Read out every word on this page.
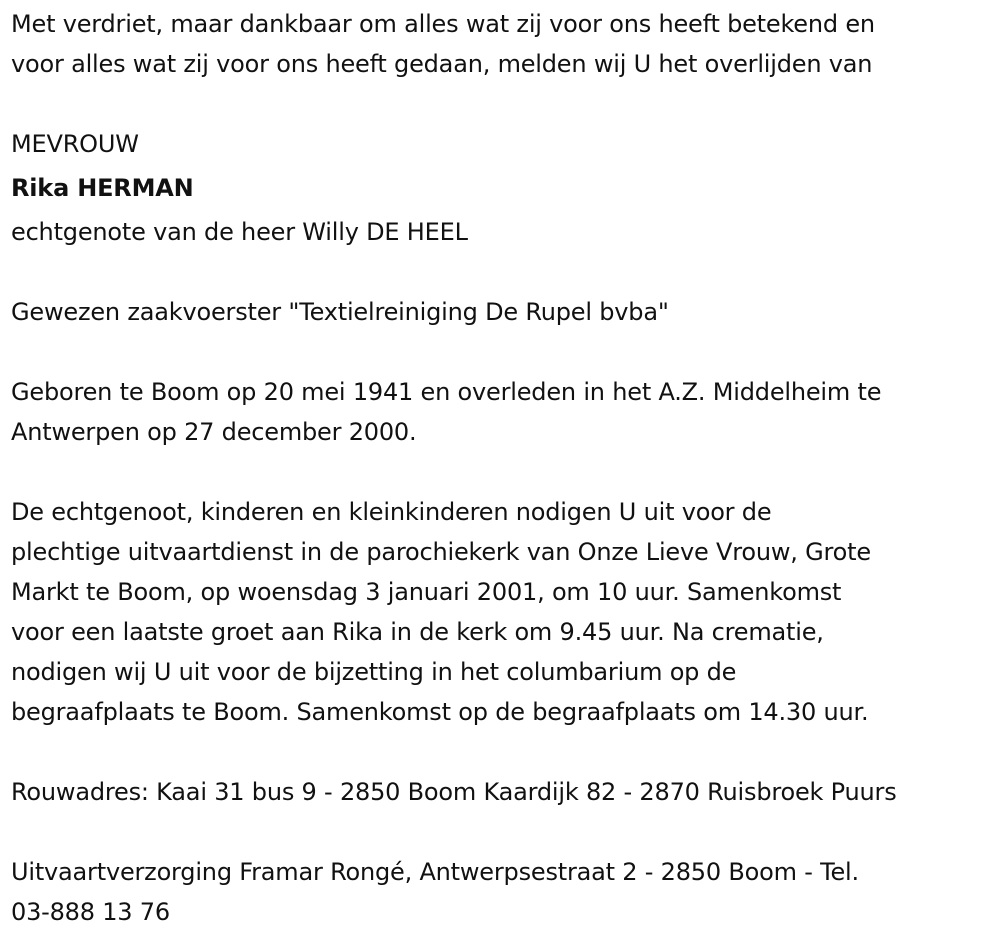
Met verdriet, maar dankbaar om alles wat zij voor ons heeft betekend en

voor alles wat zij voor ons heeft gedaan, melden wij U het overlijden van

MEVROUW

Rika HERMAN

echtgenote van de heer Willy DE HEEL

Gewezen zaakvoerster "Textielreiniging De Rupel bvba"

Geboren te Boom op 20 mei 1941 en overleden in het A.Z. Middelheim te

Antwerpen op 27 december 2000.

De echtgenoot, kinderen en kleinkinderen nodigen U uit voor de

plechtige uitvaartdienst in de parochiekerk van Onze Lieve Vrouw, Grote

Markt te Boom, op woensdag 3 januari 2001, om 10 uur. Samenkomst

voor een laatste groet aan Rika in de kerk om 9.45 uur. Na crematie,

nodigen wij U uit voor de bijzetting in het columbarium op de

begraafplaats te Boom. Samenkomst op de begraafplaats om 14.30 uur.

Rouwadres: Kaai 31 bus 9 - 2850 Boom Kaardijk 82 - 2870 Ruisbroek Puurs

Uitvaartverzorging Framar Rongé, Antwerpsestraat 2 - 2850 Boom - Tel.

03-888 13 76
